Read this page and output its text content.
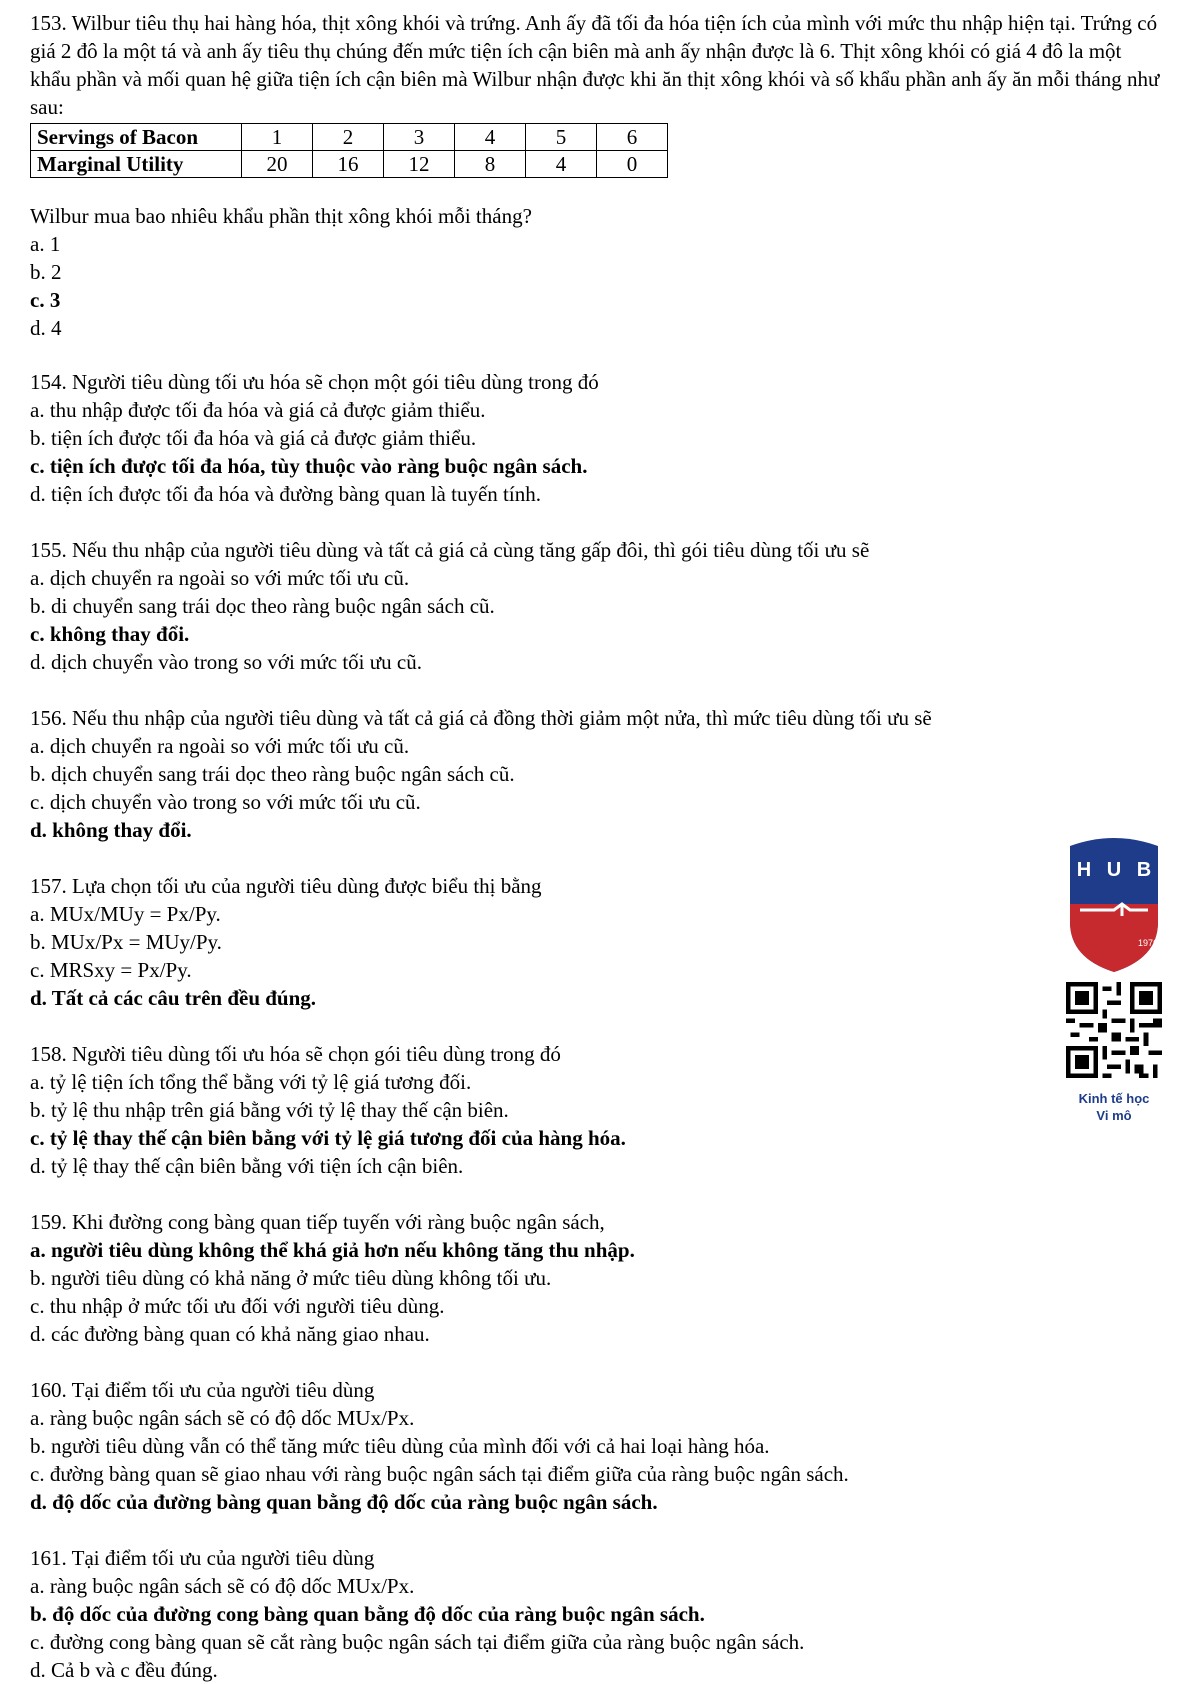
153. Wilbur tiêu thụ hai hàng hóa, thịt xông khói và trứng. Anh ấy đã tối đa hóa tiện ích của mình với mức thu nhập hiện tại. Trứng có giá 2 đô la một tá và anh ấy tiêu thụ chúng đến mức tiện ích cận biên mà anh ấy nhận được là 6. Thịt xông khói có giá 4 đô la một khẩu phần và mối quan hệ giữa tiện ích cận biên mà Wilbur nhận được khi ăn thịt xông khói và số khẩu phần anh ấy ăn mỗi tháng như sau:

Servings of Bacon	1	2	3	4	5	6
Marginal Utility	20	16	12	8	4	0

Wilbur mua bao nhiêu khẩu phần thịt xông khói mỗi tháng?

a. 1

b. 2

c. 3

d. 4

154. Người tiêu dùng tối ưu hóa sẽ chọn một gói tiêu dùng trong đó

a. thu nhập được tối đa hóa và giá cả được giảm thiểu.

b. tiện ích được tối đa hóa và giá cả được giảm thiểu.

c. tiện ích được tối đa hóa, tùy thuộc vào ràng buộc ngân sách.

d. tiện ích được tối đa hóa và đường bàng quan là tuyến tính.

155. Nếu thu nhập của người tiêu dùng và tất cả giá cả cùng tăng gấp đôi, thì gói tiêu dùng tối ưu sẽ

a. dịch chuyển ra ngoài so với mức tối ưu cũ.

b. di chuyển sang trái dọc theo ràng buộc ngân sách cũ.

c. không thay đổi.

d. dịch chuyển vào trong so với mức tối ưu cũ.

156. Nếu thu nhập của người tiêu dùng và tất cả giá cả đồng thời giảm một nửa, thì mức tiêu dùng tối ưu sẽ

a. dịch chuyển ra ngoài so với mức tối ưu cũ.

b. dịch chuyển sang trái dọc theo ràng buộc ngân sách cũ.

c. dịch chuyển vào trong so với mức tối ưu cũ.

d. không thay đổi.

157. Lựa chọn tối ưu của người tiêu dùng được biểu thị bằng

a. MUx/MUy = Px/Py.

b. MUx/Px = MUy/Py.

c. MRSxy = Px/Py.

d. Tất cả các câu trên đều đúng.

158. Người tiêu dùng tối ưu hóa sẽ chọn gói tiêu dùng trong đó

a. tỷ lệ tiện ích tổng thể bằng với tỷ lệ giá tương đối.

b. tỷ lệ thu nhập trên giá bằng với tỷ lệ thay thế cận biên.

c. tỷ lệ thay thế cận biên bằng với tỷ lệ giá tương đối của hàng hóa.

d. tỷ lệ thay thế cận biên bằng với tiện ích cận biên.

159. Khi đường cong bàng quan tiếp tuyến với ràng buộc ngân sách,

a. người tiêu dùng không thể khá giả hơn nếu không tăng thu nhập.

b. người tiêu dùng có khả năng ở mức tiêu dùng không tối ưu.

c. thu nhập ở mức tối ưu đối với người tiêu dùng.

d. các đường bàng quan có khả năng giao nhau.

160. Tại điểm tối ưu của người tiêu dùng

a. ràng buộc ngân sách sẽ có độ dốc MUx/Px.

b. người tiêu dùng vẫn có thể tăng mức tiêu dùng của mình đối với cả hai loại hàng hóa.

c. đường bàng quan sẽ giao nhau với ràng buộc ngân sách tại điểm giữa của ràng buộc ngân sách.

d. độ dốc của đường bàng quan bằng độ dốc của ràng buộc ngân sách.

161. Tại điểm tối ưu của người tiêu dùng

a. ràng buộc ngân sách sẽ có độ dốc MUx/Px.

b. độ dốc của đường cong bàng quan bằng độ dốc của ràng buộc ngân sách.

c. đường cong bàng quan sẽ cắt ràng buộc ngân sách tại điểm giữa của ràng buộc ngân sách.

d. Cả b và c đều đúng.

H U B
1976
Kinh tế học
Vi mô
